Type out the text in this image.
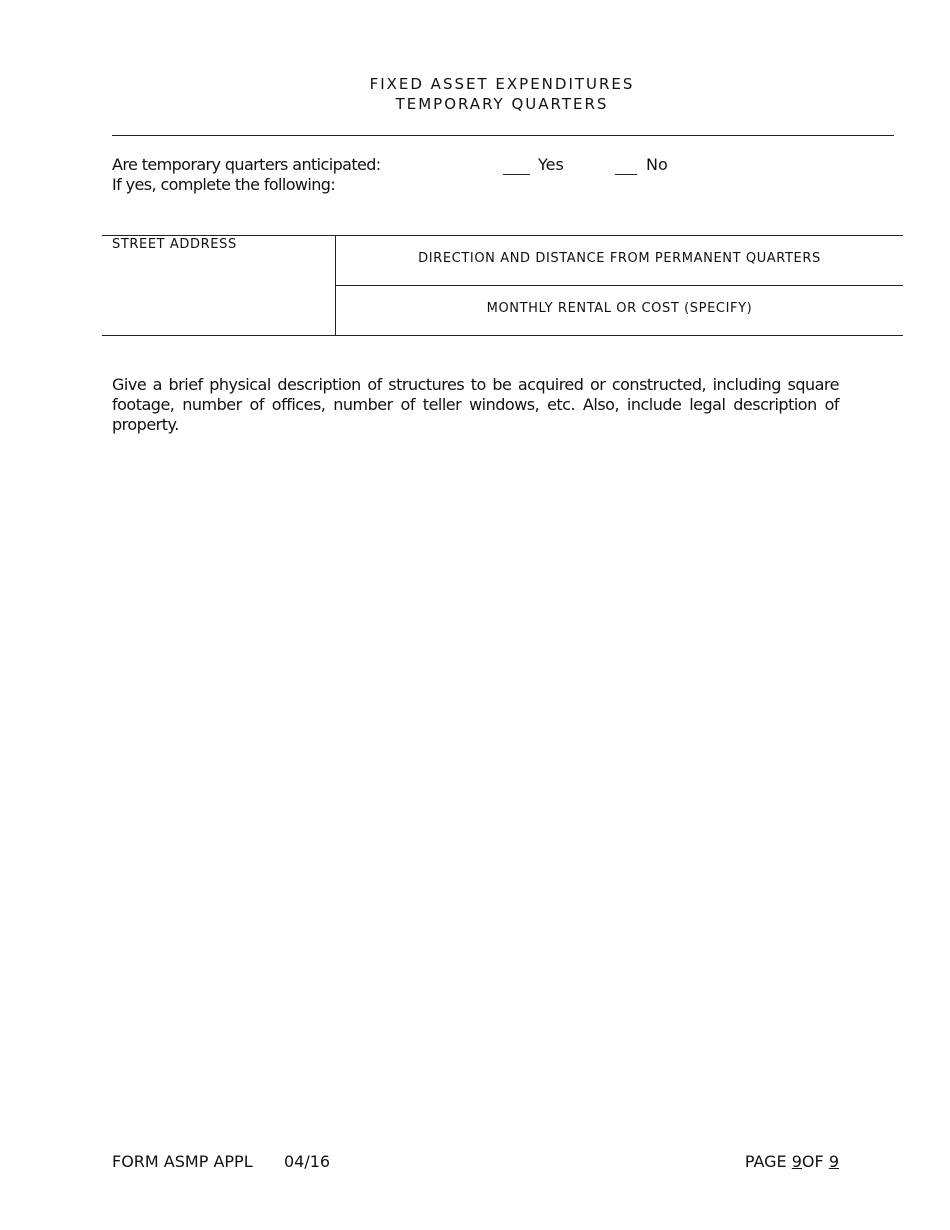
FIXED ASSET EXPENDITURES
TEMPORARY QUARTERS
Are temporary quarters anticipated:
If yes, complete the following:
Yes	No
STREET ADDRESS
DIRECTION AND DISTANCE FROM PERMANENT QUARTERS
MONTHLY RENTAL OR COST (SPECIFY)
Give a brief physical description of structures to be acquired or constructed, including square footage, number of offices, number of teller windows, etc. Also, include legal description of property.
FORM ASMP APPL 04/16	PAGE 9OF 9
